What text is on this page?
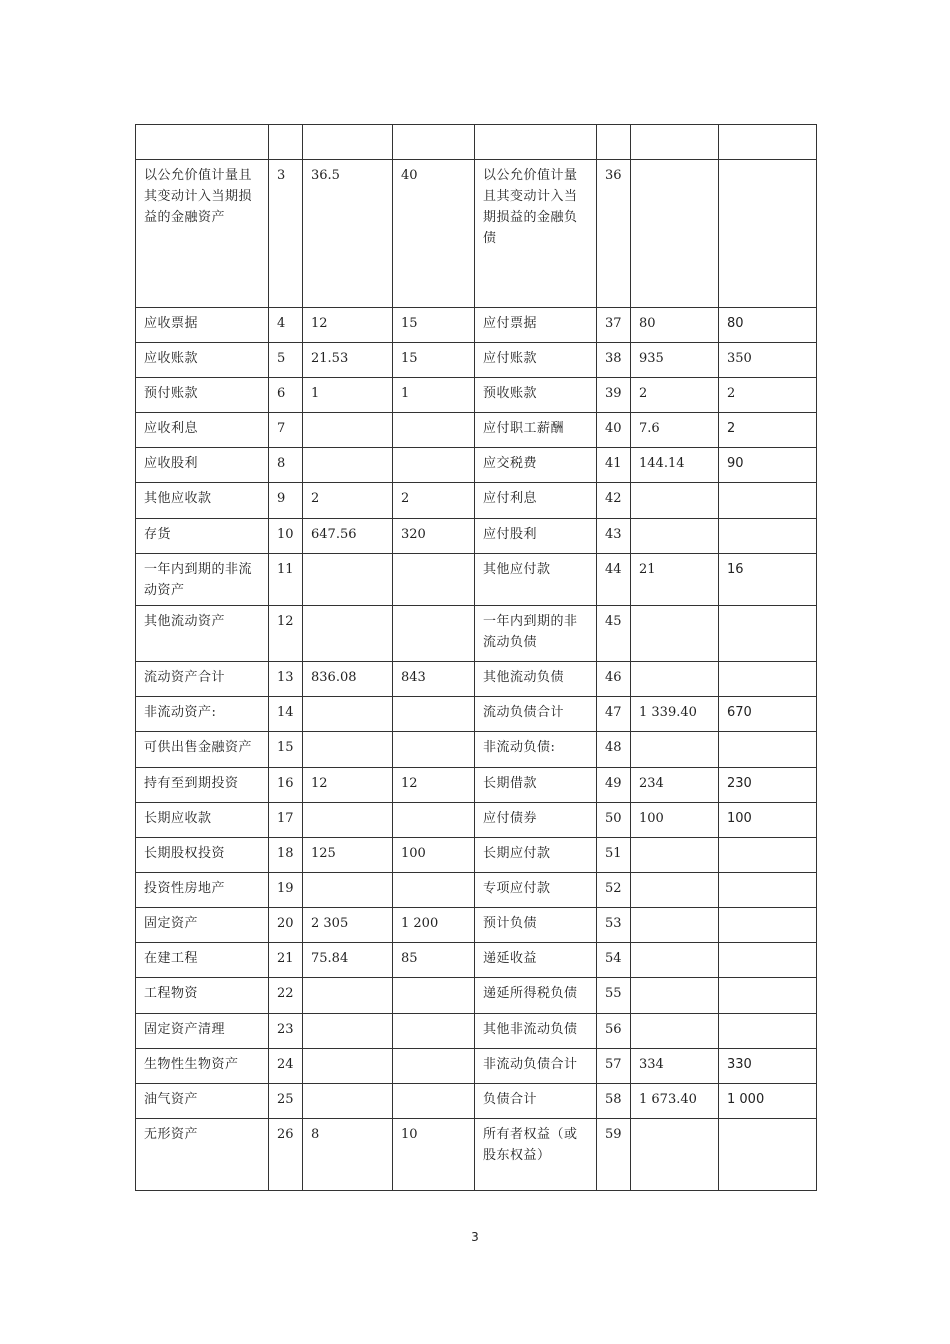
以公允价值计量且其变动计入当期损益的金融资产	3	36.5	40	以公允价值计量且其变动计入当期损益的金融负债	36		
应收票据	4	12	15	应付票据	37	80	80
应收账款	5	21.53	15	应付账款	38	935	350
预付账款	6	1	1	预收账款	39	2	2
应收利息	7			应付职工薪酬	40	7.6	2
应收股利	8			应交税费	41	144.14	90
其他应收款	9	2	2	应付利息	42		
存货	10	647.56	320	应付股利	43		
一年内到期的非流动资产	11			其他应付款	44	21	16
其他流动资产	12			一年内到期的非流动负债	45		
流动资产合计	13	836.08	843	其他流动负债	46		
非流动资产:	14			流动负债合计	47	1 339.40	670
可供出售金融资产	15			非流动负债:	48		
持有至到期投资	16	12	12	长期借款	49	234	230
长期应收款	17			应付债券	50	100	100
长期股权投资	18	125	100	长期应付款	51		
投资性房地产	19			专项应付款	52		
固定资产	20	2 305	1 200	预计负债	53		
在建工程	21	75.84	85	递延收益	54		
工程物资	22			递延所得税负债	55		
固定资产清理	23			其他非流动负债	56		
生物性生物资产	24			非流动负债合计	57	334	330
油气资产	25			负债合计	58	1 673.40	1 000
无形资产	26	8	10	所有者权益（或股东权益）	59		
3
